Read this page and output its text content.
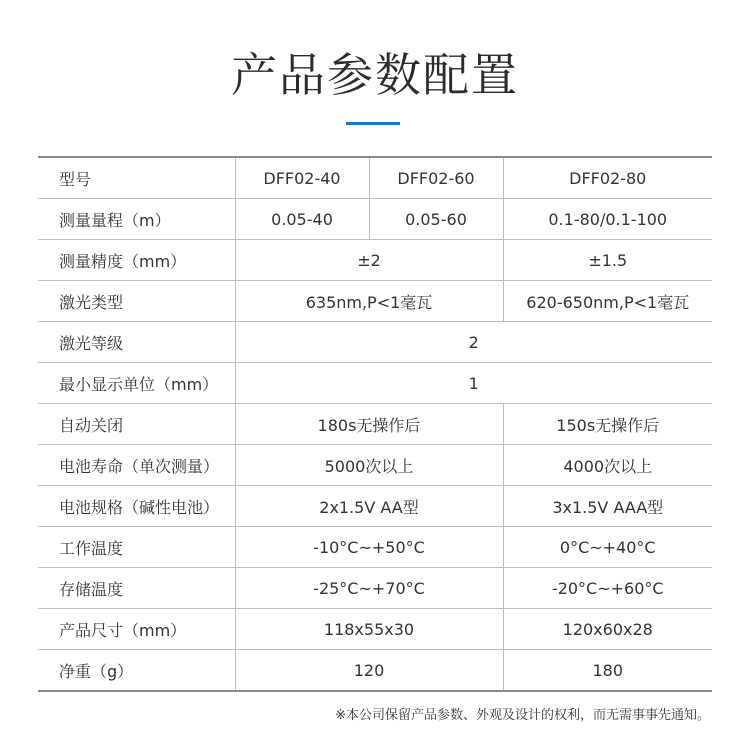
产品参数配置
型号	DFF02-40	DFF02-60	DFF02-80
测量量程（m）	0.05-40	0.05-60	0.1-80/0.1-100
测量精度（mm）	±2		±1.5
激光类型	635nm,P<1毫瓦		620-650nm,P<1毫瓦
激光等级	2		
最小显示单位（mm）	1		
自动关闭	180s无操作后		150s无操作后
电池寿命（单次测量）	5000次以上		4000次以上
电池规格（碱性电池）	2x1.5V AA型		3x1.5V AAA型
工作温度	-10°C~+50°C		0°C~+40°C
存储温度	-25°C~+70°C		-20°C~+60°C
产品尺寸（mm）	118x55x30		120x60x28
净重（g）	120		180
※本公司保留产品参数、外观及设计的权利，而无需事事先通知。
